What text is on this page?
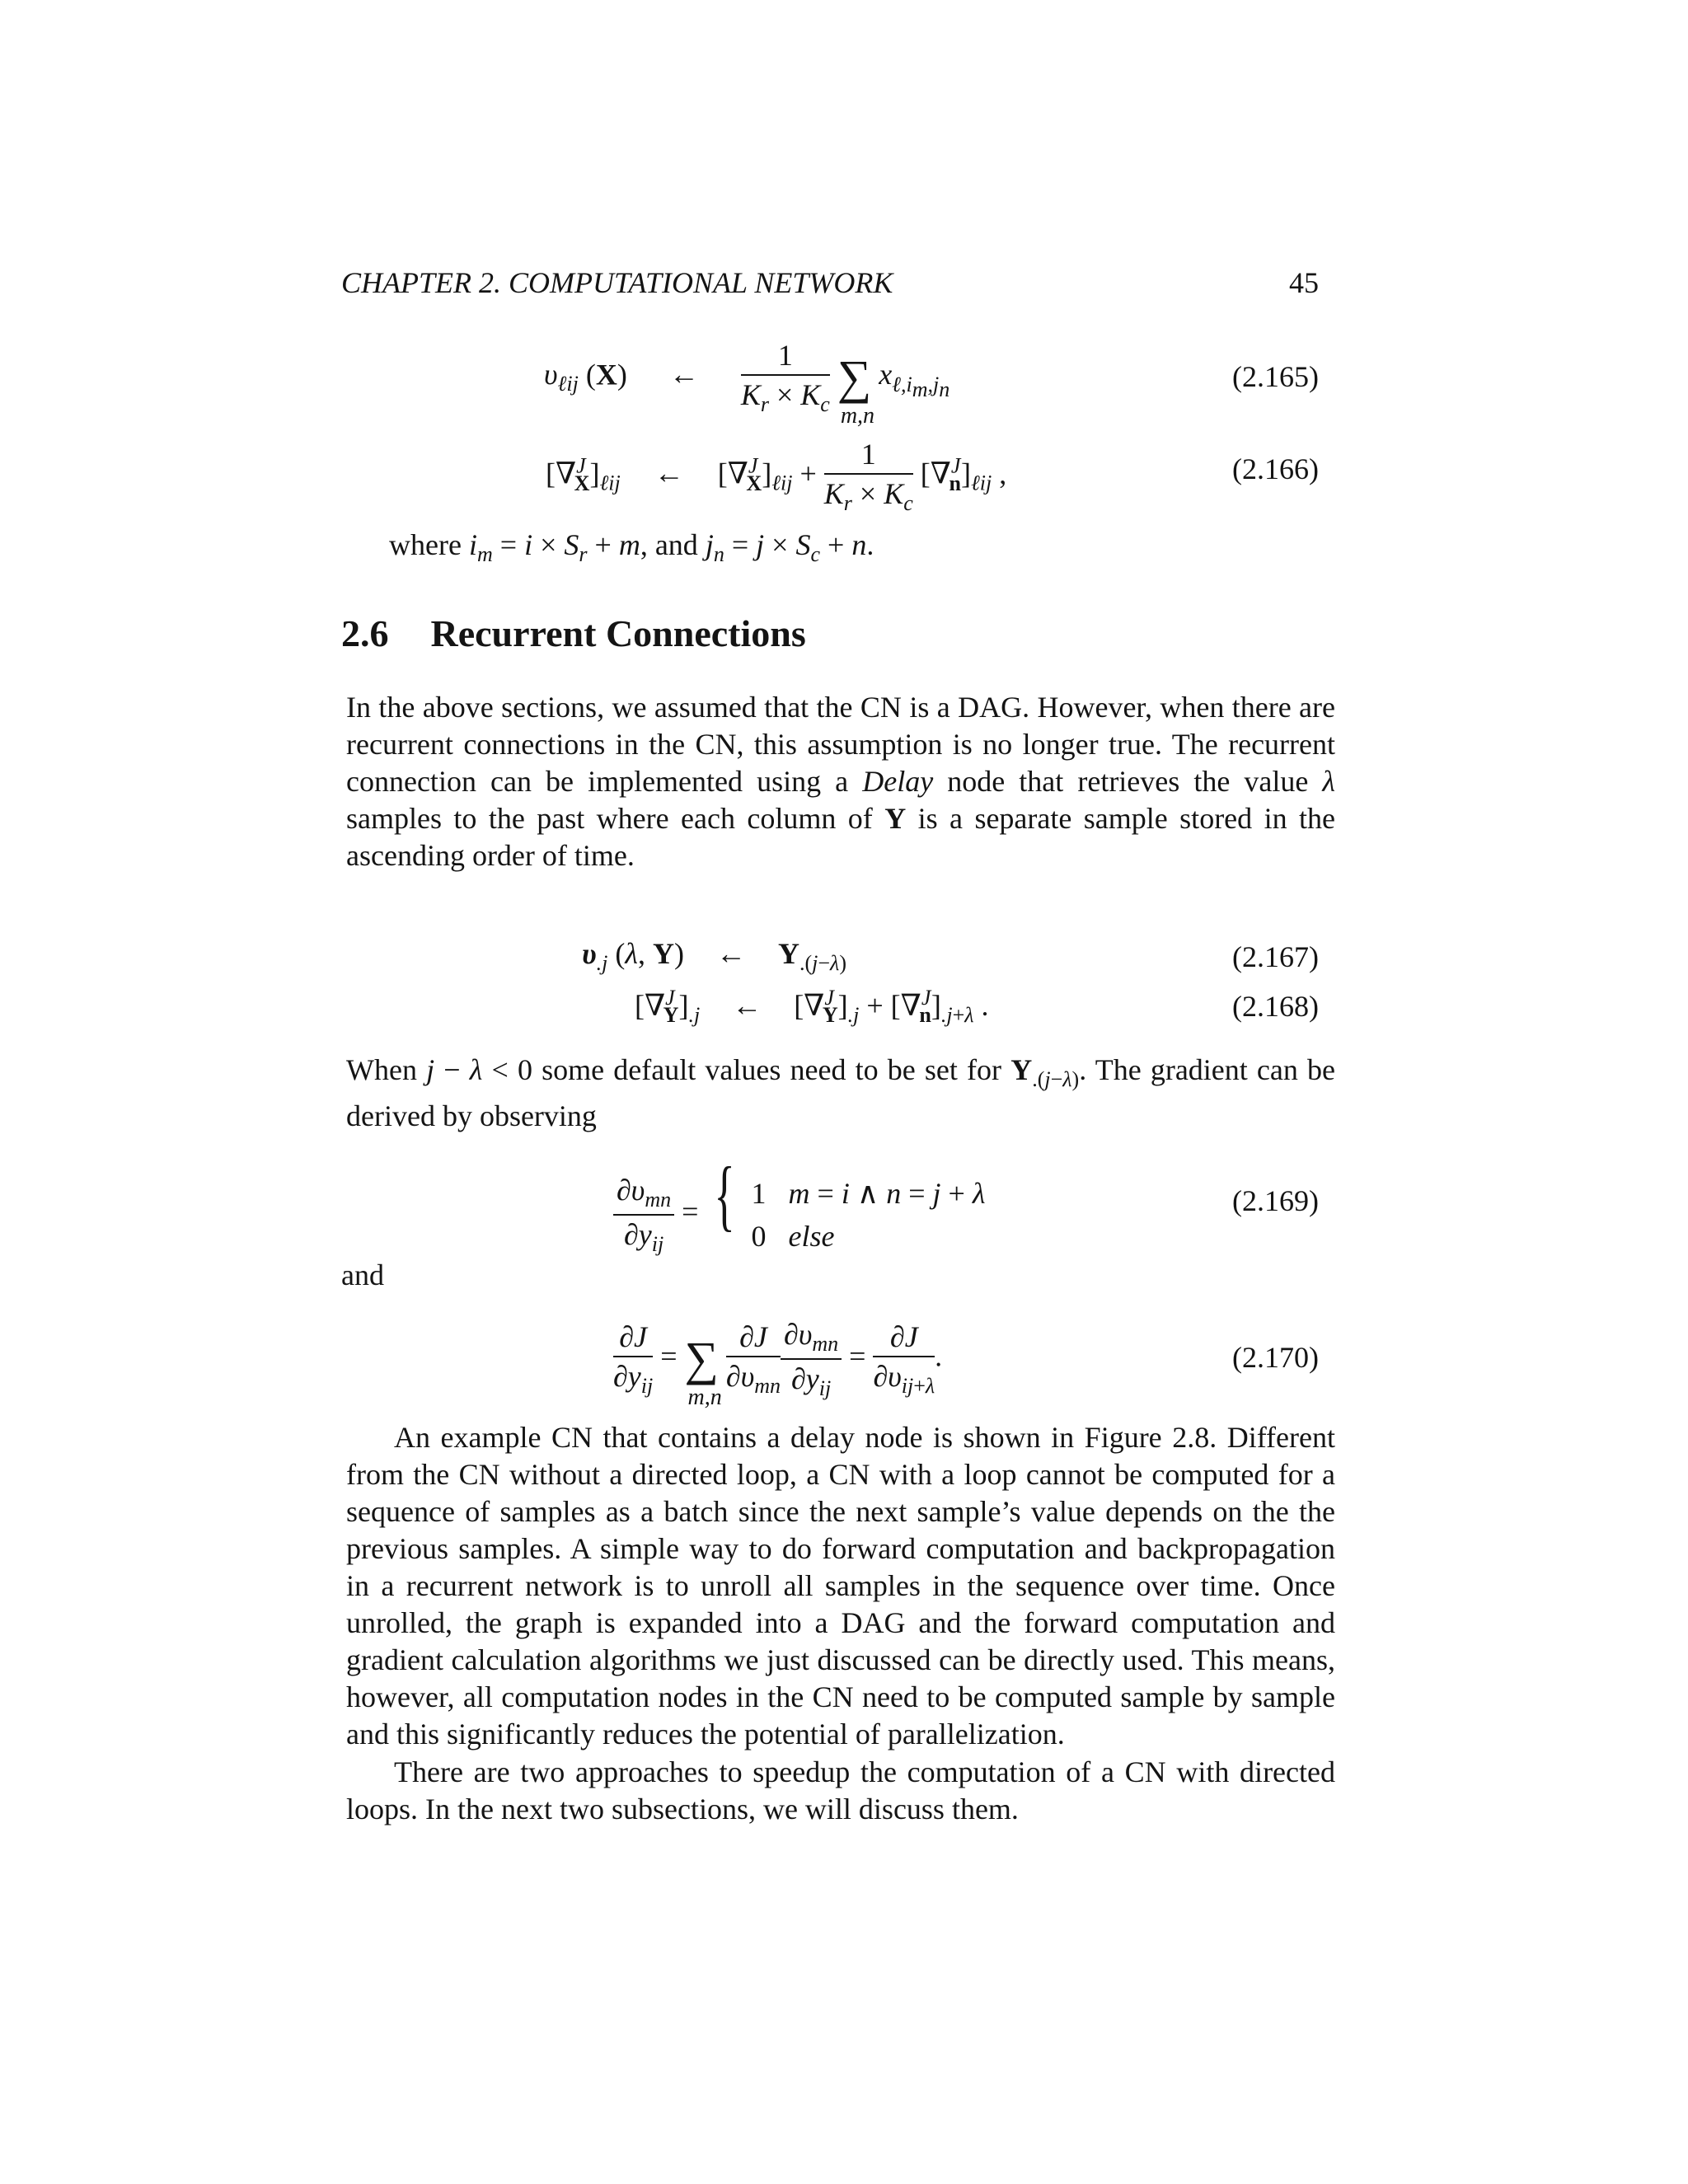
CHAPTER 2. COMPUTATIONAL NETWORK	45
$\upsilon_{\ell ij}$ (X) ← $\frac{1}{K_r \times K_c}$ ∑
m,n
$x_{\ell,i_m,j_n}$	(2.165)
$[\nabla^J_X]_{\ell ij}$ ← $[\nabla^J_X]_{\ell ij} + \frac{1}{K_r \times K_c} [\nabla^J_n]_{\ell ij}$ ,	(2.166)
where $i_m = i \times S_r + m$, and $j_n = j \times S_c + n$.
2.6 Recurrent Connections
In the above sections, we assumed that the CN is a DAG. However, when there are recurrent connections in the CN, this assumption is no longer true. The recurrent connection can be implemented using a Delay node that retrieves the value λ samples to the past where each column of Y is a separate sample stored in the ascending order of time.
$\upsilon_{.j}$ (λ, Y) ← $Y_{.(j-\lambda)}$	(2.167)
$[\nabla^J_Y]_{.j}$ ← $[\nabla^J_Y]_{.j} + [\nabla^J_n]_{.j+\lambda}$ .	(2.168)
When j − λ < 0 some default values need to be set for $Y_{.(j-\lambda)}$. The gradient can be derived by observing
$\frac{\partial\upsilon_{mn}}{\partial y_{ij}}$ = { 1   m = i ∧ n = j + λ
0   else
(2.169)
and
$\frac{\partial J}{\partial y_{ij}}$ = ∑
m,n
$\frac{\partial J}{\partial\upsilon_{mn}} \frac{\partial\upsilon_{mn}}{\partial y_{ij}} = \frac{\partial J}{\partial\upsilon_{ij+\lambda}}$ .	(2.170)
An example CN that contains a delay node is shown in Figure 2.8. Different from the CN without a directed loop, a CN with a loop cannot be computed for a sequence of samples as a batch since the next sample’s value depends on the the previous samples. A simple way to do forward computation and backpropagation in a recurrent network is to unroll all samples in the sequence over time. Once unrolled, the graph is expanded into a DAG and the forward computation and gradient calculation algorithms we just discussed can be directly used. This means, however, all computation nodes in the CN need to be computed sample by sample and this significantly reduces the potential of parallelization.
There are two approaches to speedup the computation of a CN with directed loops. In the next two subsections, we will discuss them.
